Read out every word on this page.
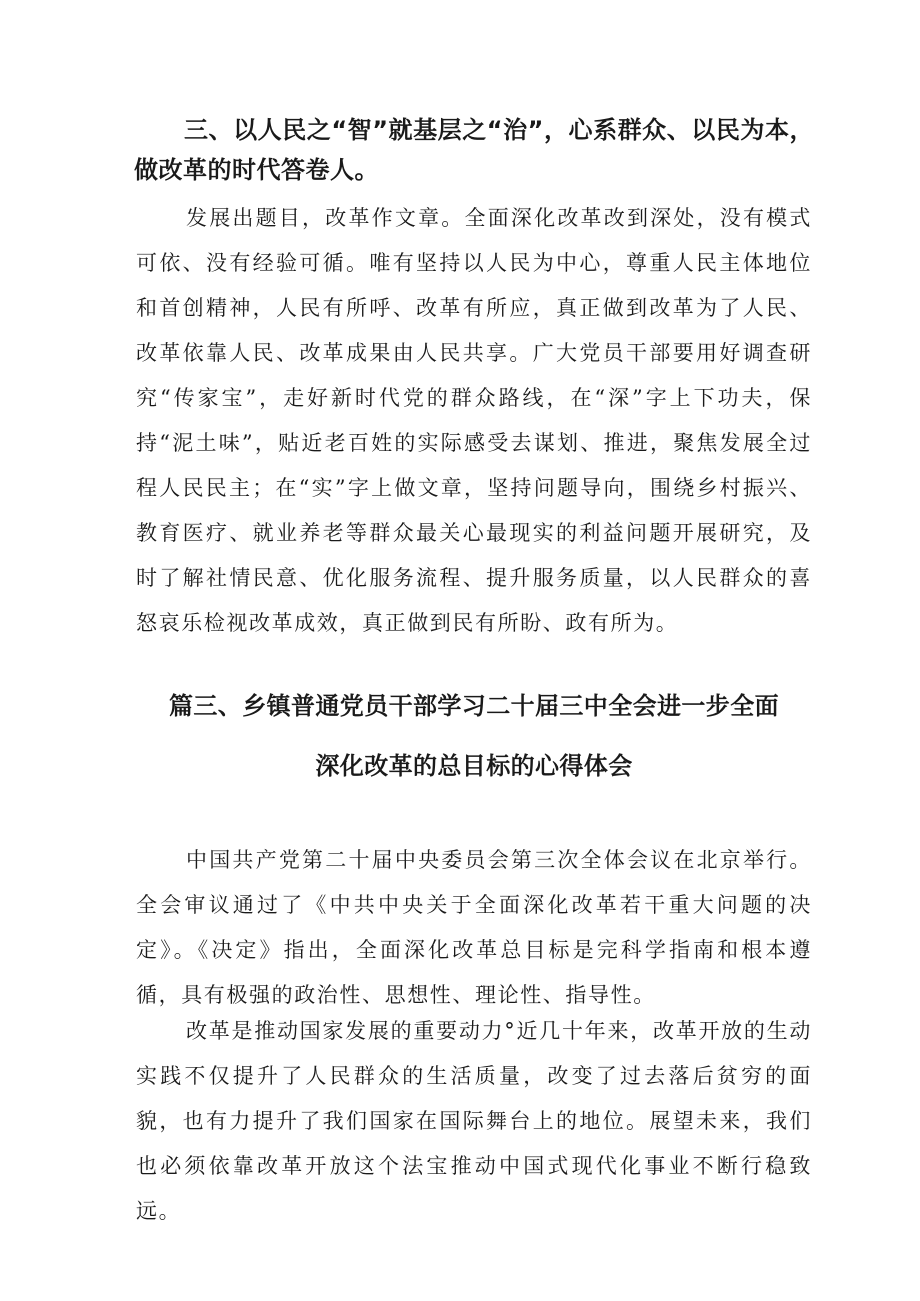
三、以人民之“智”就基层之“治”，心系群众、以民为本，做改革的时代答卷人。

发展出题目，改革作文章。全面深化改革改到深处，没有模式可依、没有经验可循。唯有坚持以人民为中心，尊重人民主体地位和首创精神，人民有所呼、改革有所应，真正做到改革为了人民、改革依靠人民、改革成果由人民共享。广大党员干部要用好调查研究“传家宝”，走好新时代党的群众路线，在“深”字上下功夫，保持“泥土味”，贴近老百姓的实际感受去谋划、推进，聚焦发展全过程人民民主；在“实”字上做文章，坚持问题导向，围绕乡村振兴、教育医疗、就业养老等群众最关心最现实的利益问题开展研究，及时了解社情民意、优化服务流程、提升服务质量，以人民群众的喜怒哀乐检视改革成效，真正做到民有所盼、政有所为。

篇三、乡镇普通党员干部学习二十届三中全会进一步全面
深化改革的总目标的心得体会

中国共产党第二十届中央委员会第三次全体会议在北京举行。全会审议通过了《中共中央关于全面深化改革若干重大问题的决定》。《决定》指出，全面深化改革总目标是完科学指南和根本遵循，具有极强的政治性、思想性、理论性、指导性。

改革是推动国家发展的重要动力°近几十年来，改革开放的生动实践不仅提升了人民群众的生活质量，改变了过去落后贫穷的面貌，也有力提升了我们国家在国际舞台上的地位。展望未来，我们也必须依靠改革开放这个法宝推动中国式现代化事业不断行稳致远。
